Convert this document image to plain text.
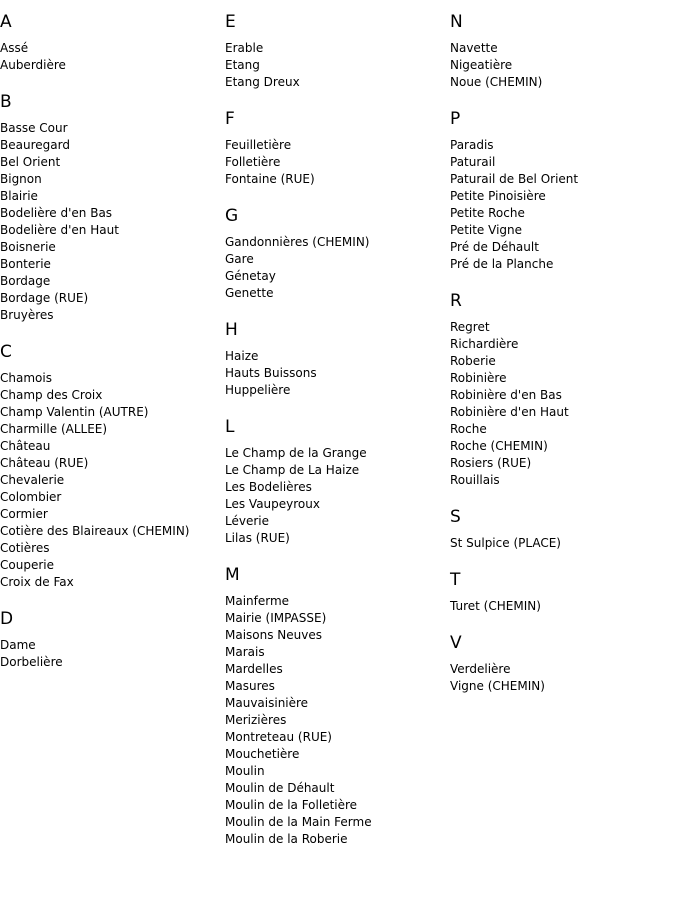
A
Assé
Auberdière
B
Basse Cour
Beauregard
Bel Orient
Bignon
Blairie
Bodelière d'en Bas
Bodelière d'en Haut
Boisnerie
Bonterie
Bordage
Bordage (RUE)
Bruyères
C
Chamois
Champ des Croix
Champ Valentin (AUTRE)
Charmille (ALLEE)
Château
Château (RUE)
Chevalerie
Colombier
Cormier
Cotière des Blaireaux (CHEMIN)
Cotières
Couperie
Croix de Fax
D
Dame
Dorbelière
E
Erable
Etang
Etang Dreux
F
Feuilletière
Folletière
Fontaine (RUE)
G
Gandonnières (CHEMIN)
Gare
Génetay
Genette
H
Haize
Hauts Buissons
Huppelière
L
Le Champ de la Grange
Le Champ de La Haize
Les Bodelières
Les Vaupeyroux
Léverie
Lilas (RUE)
M
Mainferme
Mairie (IMPASSE)
Maisons Neuves
Marais
Mardelles
Masures
Mauvaisinière
Merizières
Montreteau (RUE)
Mouchetière
Moulin
Moulin de Déhault
Moulin de la Folletière
Moulin de la Main Ferme
Moulin de la Roberie
N
Navette
Nigeatière
Noue (CHEMIN)
P
Paradis
Paturail
Paturail de Bel Orient
Petite Pinoisière
Petite Roche
Petite Vigne
Pré de Déhault
Pré de la Planche
R
Regret
Richardière
Roberie
Robinière
Robinière d'en Bas
Robinière d'en Haut
Roche
Roche (CHEMIN)
Rosiers (RUE)
Rouillais
S
St Sulpice (PLACE)
T
Turet (CHEMIN)
V
Verdelière
Vigne (CHEMIN)
